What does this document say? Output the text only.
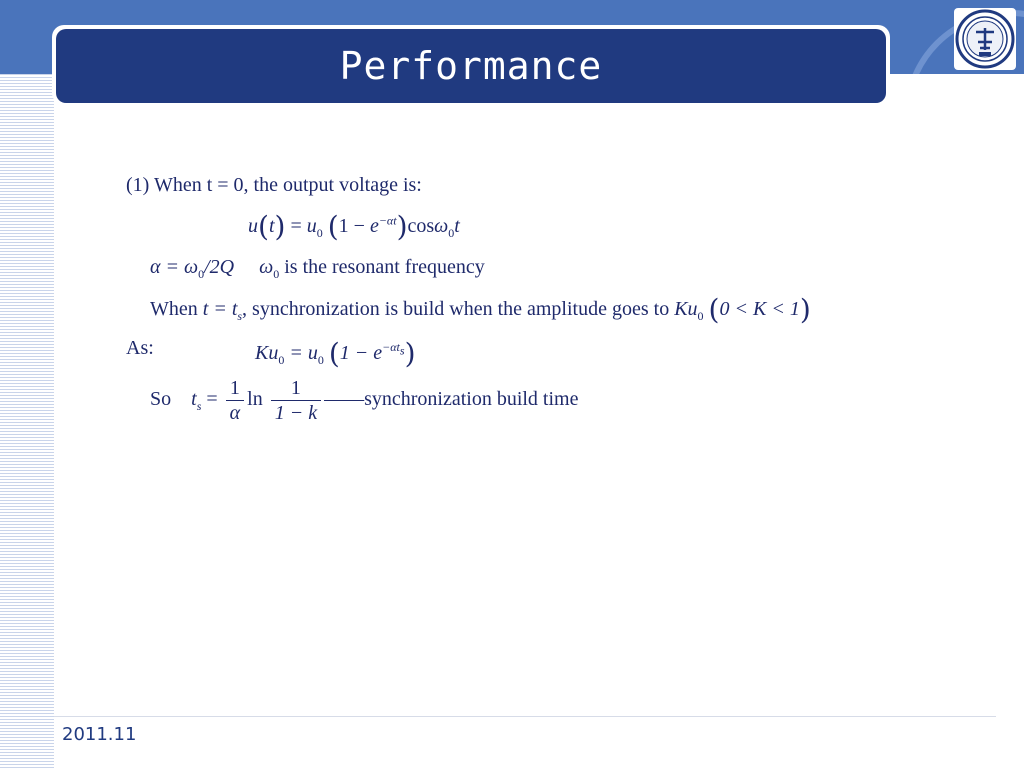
Performance
(1) When t = 0, the output voltage is:
$u(t) = u_0$ $(1 - e^{-\alpha t})\cos\omega_0t$
$\alpha = \omega_0/2Q$ $\omega_0$ is the resonant frequency
When $t = t_s$, synchronization is build when the amplitude goes to $Ku_0$ (0 < K < 1)
As:	$Ku_0 = u_0$ $(1 - e^{-\alpha t_s})$
So $t_s = \frac{1}{\alpha}$ $\ln \frac{1}{1 - k}$ ——synchronization build time
2011.11
